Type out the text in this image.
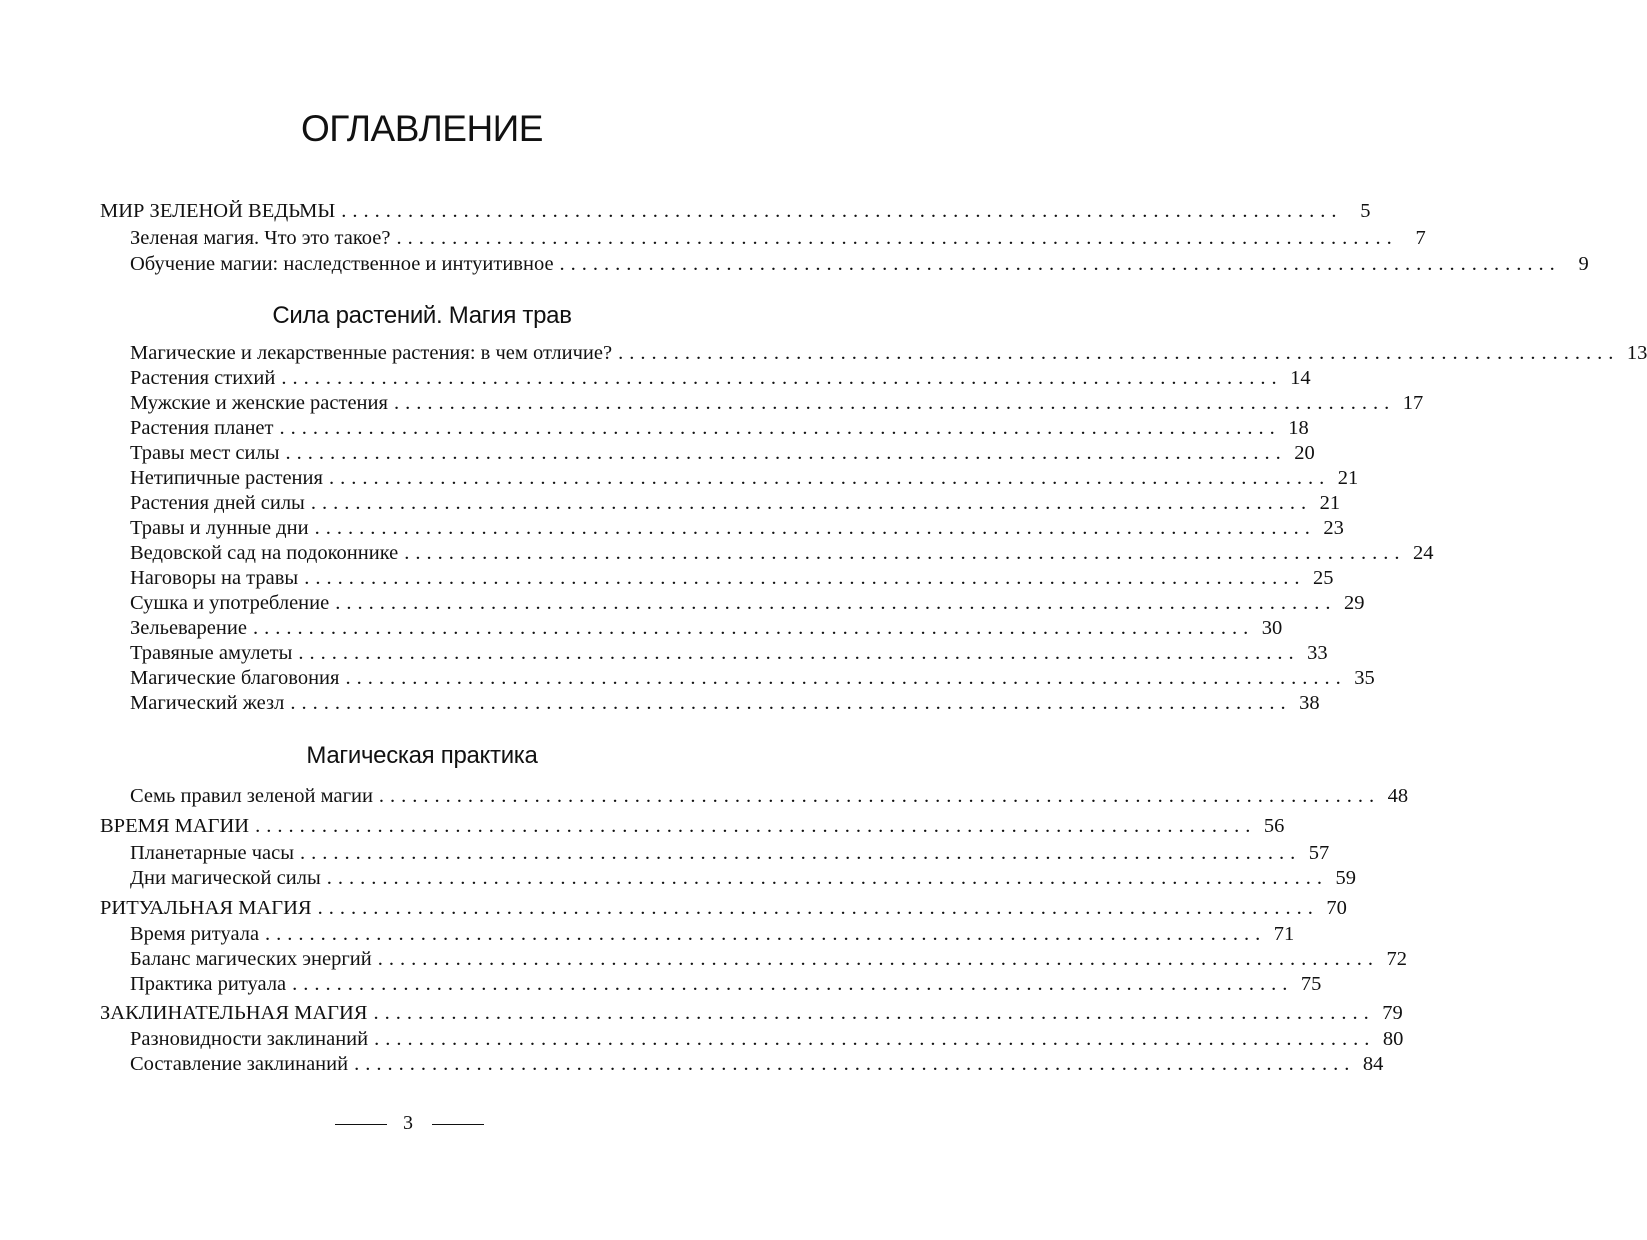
ОГЛАВЛЕНИЕ
МИР ЗЕЛЕНОЙ ВЕДЬМЫ .......................................................................................... 5
Зеленая магия. Что это такое? .......................................................................................... 7
Обучение магии: наследственное и интуитивное .......................................................................................... 9
Сила растений. Магия трав
Магические и лекарственные растения: в чем отличие? .......................................................................................... 13
Растения стихий .......................................................................................... 14
Мужские и женские растения .......................................................................................... 17
Растения планет .......................................................................................... 18
Травы мест силы .......................................................................................... 20
Нетипичные растения .......................................................................................... 21
Растения дней силы .......................................................................................... 21
Травы и лунные дни .......................................................................................... 23
Ведовской сад на подоконнике .......................................................................................... 24
Наговоры на травы .......................................................................................... 25
Сушка и употребление .......................................................................................... 29
Зельеварение .......................................................................................... 30
Травяные амулеты .......................................................................................... 33
Магические благовония .......................................................................................... 35
Магический жезл .......................................................................................... 38
Магическая практика
Семь правил зеленой магии .......................................................................................... 48
ВРЕМЯ МАГИИ .......................................................................................... 56
Планетарные часы .......................................................................................... 57
Дни магической силы .......................................................................................... 59
РИТУАЛЬНАЯ МАГИЯ .......................................................................................... 70
Время ритуала .......................................................................................... 71
Баланс магических энергий .......................................................................................... 72
Практика ритуала .......................................................................................... 75
ЗАКЛИНАТЕЛЬНАЯ МАГИЯ .......................................................................................... 79
Разновидности заклинаний .......................................................................................... 80
Составление заклинаний .......................................................................................... 84
3
